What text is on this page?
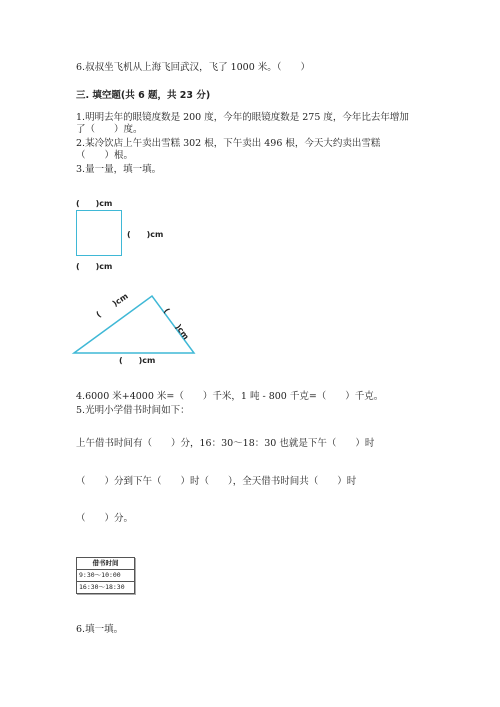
6.叔叔坐飞机从上海飞回武汉，飞了 1000 米。（　　）
三. 填空题(共 6 题，共 23 分)
1.明明去年的眼镜度数是 200 度，今年的眼镜度数是 275 度，今年比去年增加
了（　　）度。
2.某冷饮店上午卖出雪糕 302 根，下午卖出 496 根，今天大约卖出雪糕
（　　）根。
3.量一量，填一填。
(　　)cm
(　　)cm
(　　)cm
(　　)cm
(　　)cm
(　　)cm
4.6000 米+4000 米=（　　）千米，1 吨 - 800 千克=（　　）千克。
5.光明小学借书时间如下：
上午借书时间有（　　）分，16：30～18：30 也就是下午（　　）时
（　　）分到下午（　　）时（　　），全天借书时间共（　　）时
（　　）分。
借书时间
9:30～10:00
16:30～18:30
6.填一填。
